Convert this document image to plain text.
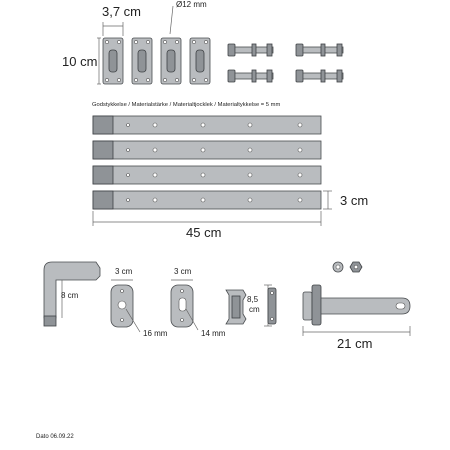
3,7 cm	Ø12 mm
10 cm
Godstykkelse / Materialstärke / Materialtjocklek / Materialtykkelse = 5 mm
3 cm
45 cm
8 cm
3 cm
16 mm
3 cm
14 mm
8,5
cm
21 cm
Dato 06.09.22
